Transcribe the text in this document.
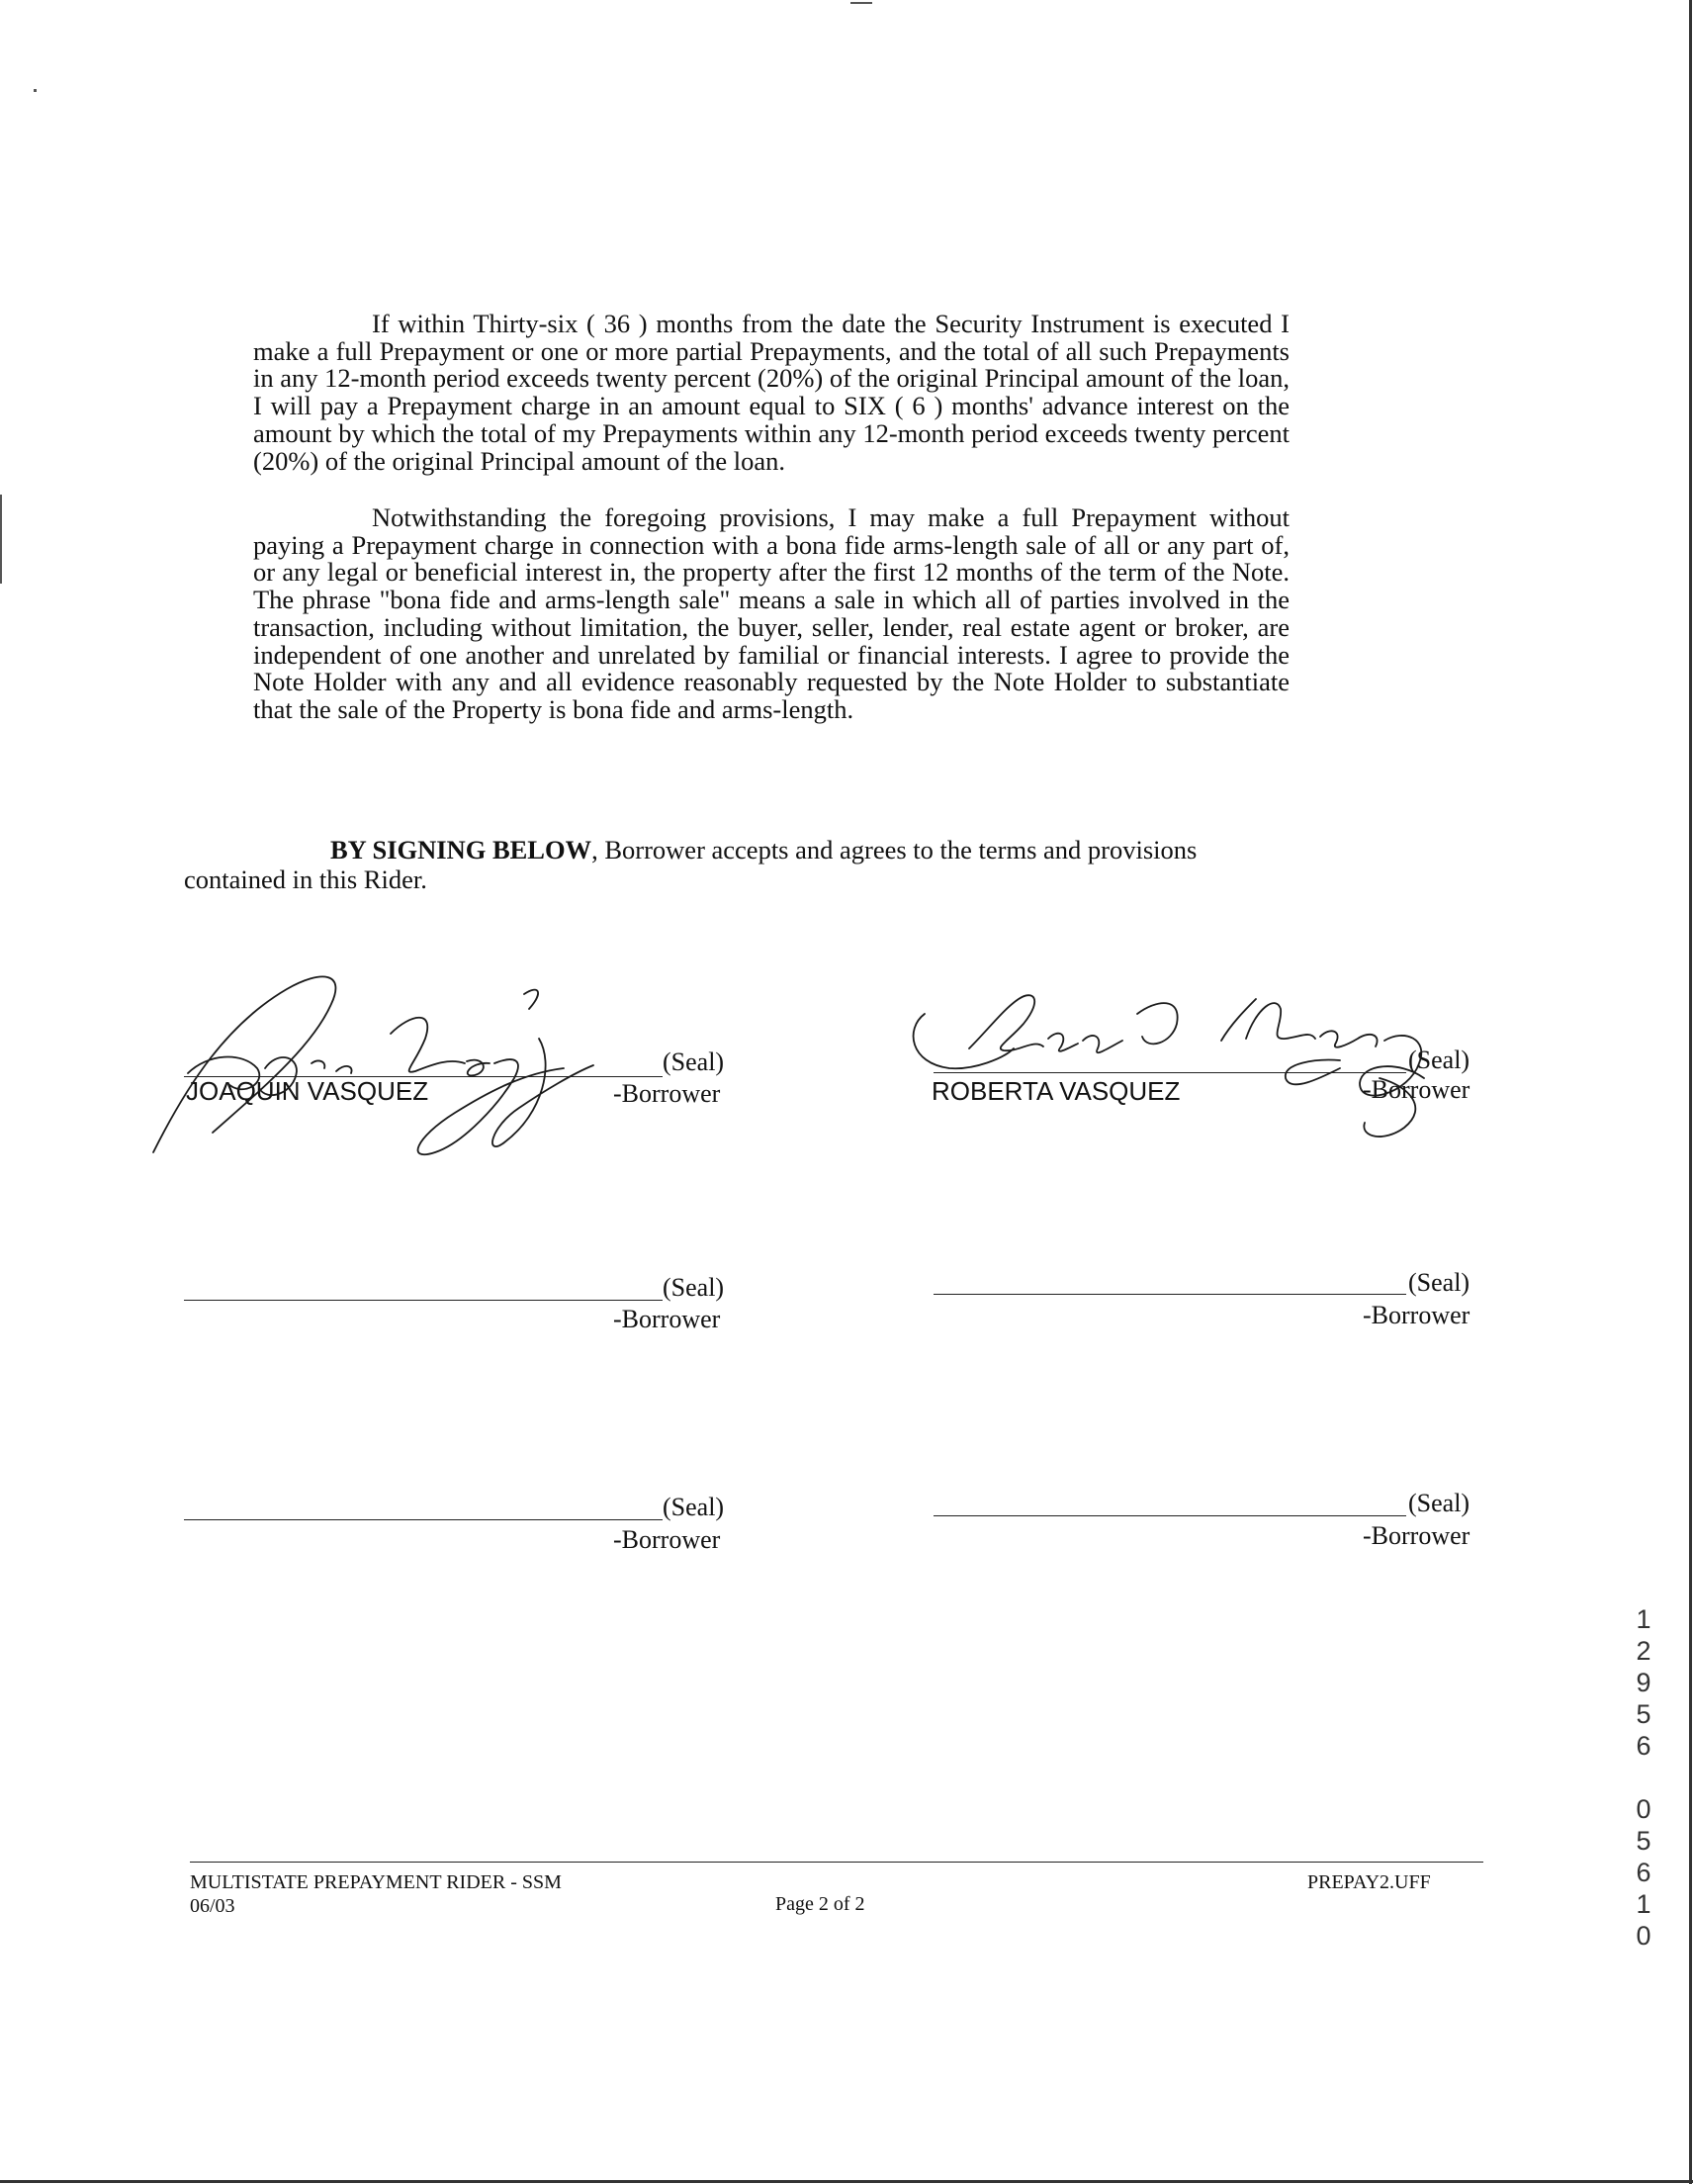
If within Thirty-six ( 36 ) months from the date the Security Instrument is executed I make a full Prepayment or one or more partial Prepayments, and the total of all such Prepayments in any 12-month period exceeds twenty percent (20%) of the original Principal amount of the loan, I will pay a Prepayment charge in an amount equal to SIX ( 6 ) months' advance interest on the amount by which the total of my Prepayments within any 12-month period exceeds twenty percent (20%) of the original Principal amount of the loan.

Notwithstanding the foregoing provisions, I may make a full Prepayment without paying a Prepayment charge in connection with a bona fide arms-length sale of all or any part of, or any legal or beneficial interest in, the property after the first 12 months of the term of the Note. The phrase "bona fide and arms-length sale" means a sale in which all of parties involved in the transaction, including without limitation, the buyer, seller, lender, real estate agent or broker, are independent of one another and unrelated by familial or financial interests. I agree to provide the Note Holder with any and all evidence reasonably requested by the Note Holder to substantiate that the sale of the Property is bona fide and arms-length.

BY SIGNING BELOW, Borrower accepts and agrees to the terms and provisions contained in this Rider.
JOAQUIN VASQUEZ
(Seal)
-Borrower	ROBERTA VASQUEZ
(Seal)
-Borrower
(Seal)
-Borrower
(Seal)
-Borrower
(Seal)
-Borrower
(Seal)
-Borrower
12956 05610
MULTISTATE PREPAYMENT RIDER - SSM
06/03	Page 2 of 2
PREPAY2.UFF
